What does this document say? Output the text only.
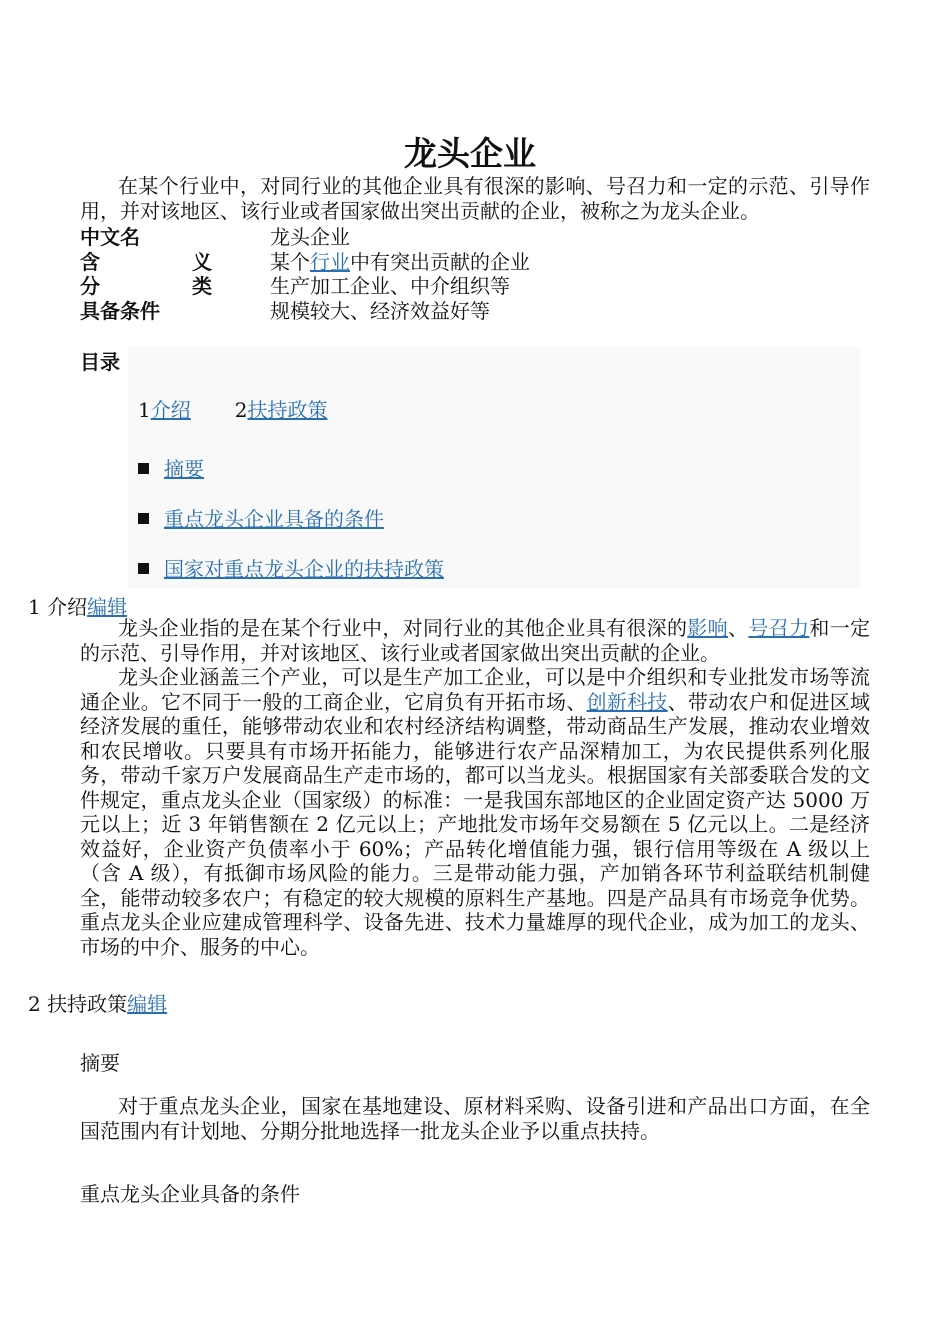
龙头企业
在某个行业中，对同行业的其他企业具有很深的影响、号召力和一定的示范、引导作用，并对该地区、该行业或者国家做出突出贡献的企业，被称之为龙头企业。
中文名	龙头企业
含	义	某个行业中有突出贡献的企业
分	类	生产加工企业、中介组织等
具备条件	规模较大、经济效益好等
目录
1介绍 2扶持政策
摘要
重点龙头企业具备的条件
国家对重点龙头企业的扶持政策
1 介绍编辑
龙头企业指的是在某个行业中，对同行业的其他企业具有很深的影响、号召力和一定的示范、引导作用，并对该地区、该行业或者国家做出突出贡献的企业。
龙头企业涵盖三个产业，可以是生产加工企业，可以是中介组织和专业批发市场等流通企业。它不同于一般的工商企业，它肩负有开拓市场、创新科技、带动农户和促进区域经济发展的重任，能够带动农业和农村经济结构调整，带动商品生产发展，推动农业增效和农民增收。只要具有市场开拓能力，能够进行农产品深精加工，为农民提供系列化服务，带动千家万户发展商品生产走市场的，都可以当龙头。根据国家有关部委联合发的文件规定，重点龙头企业（国家级）的标准：一是我国东部地区的企业固定资产达 5000 万元以上；近 3 年销售额在 2 亿元以上；产地批发市场年交易额在 5 亿元以上。二是经济效益好，企业资产负债率小于 60%；产品转化增值能力强，银行信用等级在 A 级以上（含 A 级），有抵御市场风险的能力。三是带动能力强，产加销各环节利益联结机制健全，能带动较多农户；有稳定的较大规模的原料生产基地。四是产品具有市场竞争优势。重点龙头企业应建成管理科学、设备先进、技术力量雄厚的现代企业，成为加工的龙头、市场的中介、服务的中心。
2 扶持政策编辑
摘要
对于重点龙头企业，国家在基地建设、原材料采购、设备引进和产品出口方面，在全国范围内有计划地、分期分批地选择一批龙头企业予以重点扶持。
重点龙头企业具备的条件
